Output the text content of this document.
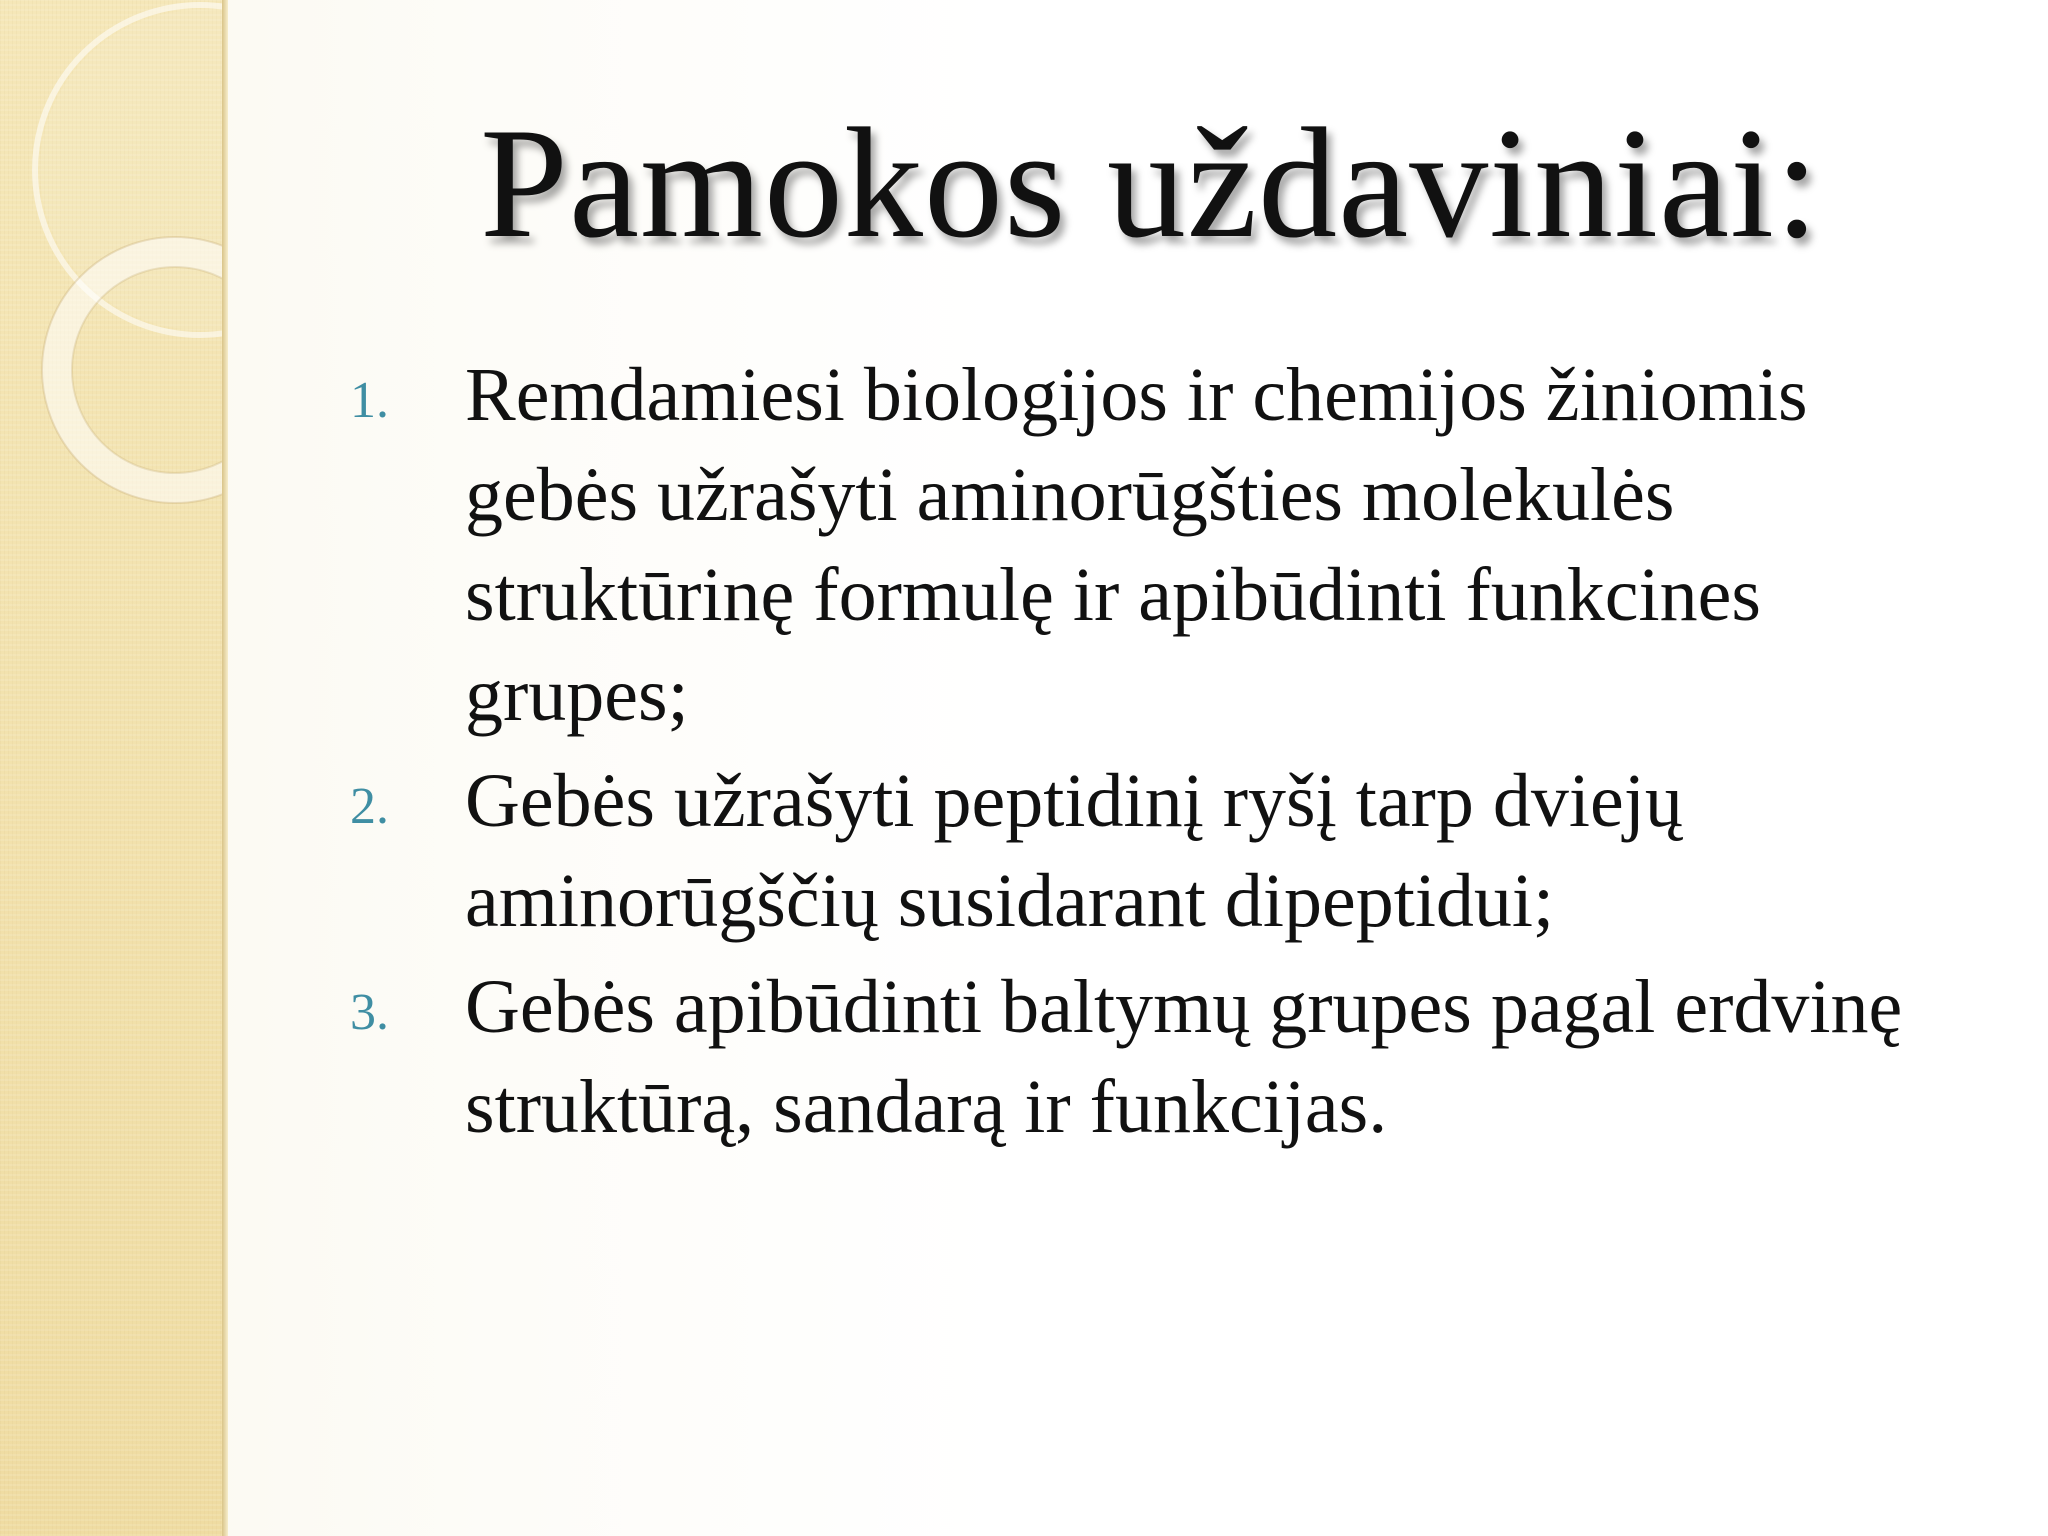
Pamokos uždaviniai:
1. Remdamiesi biologijos ir chemijos žiniomis gebės užrašyti aminorūgšties molekulės struktūrinę formulę ir apibūdinti funkcines grupes;
2. Gebės užrašyti peptidinį ryšį tarp dviejų aminorūgščių susidarant dipeptidui;
3. Gebės apibūdinti baltymų grupes pagal erdvinę struktūrą, sandarą ir funkcijas.
